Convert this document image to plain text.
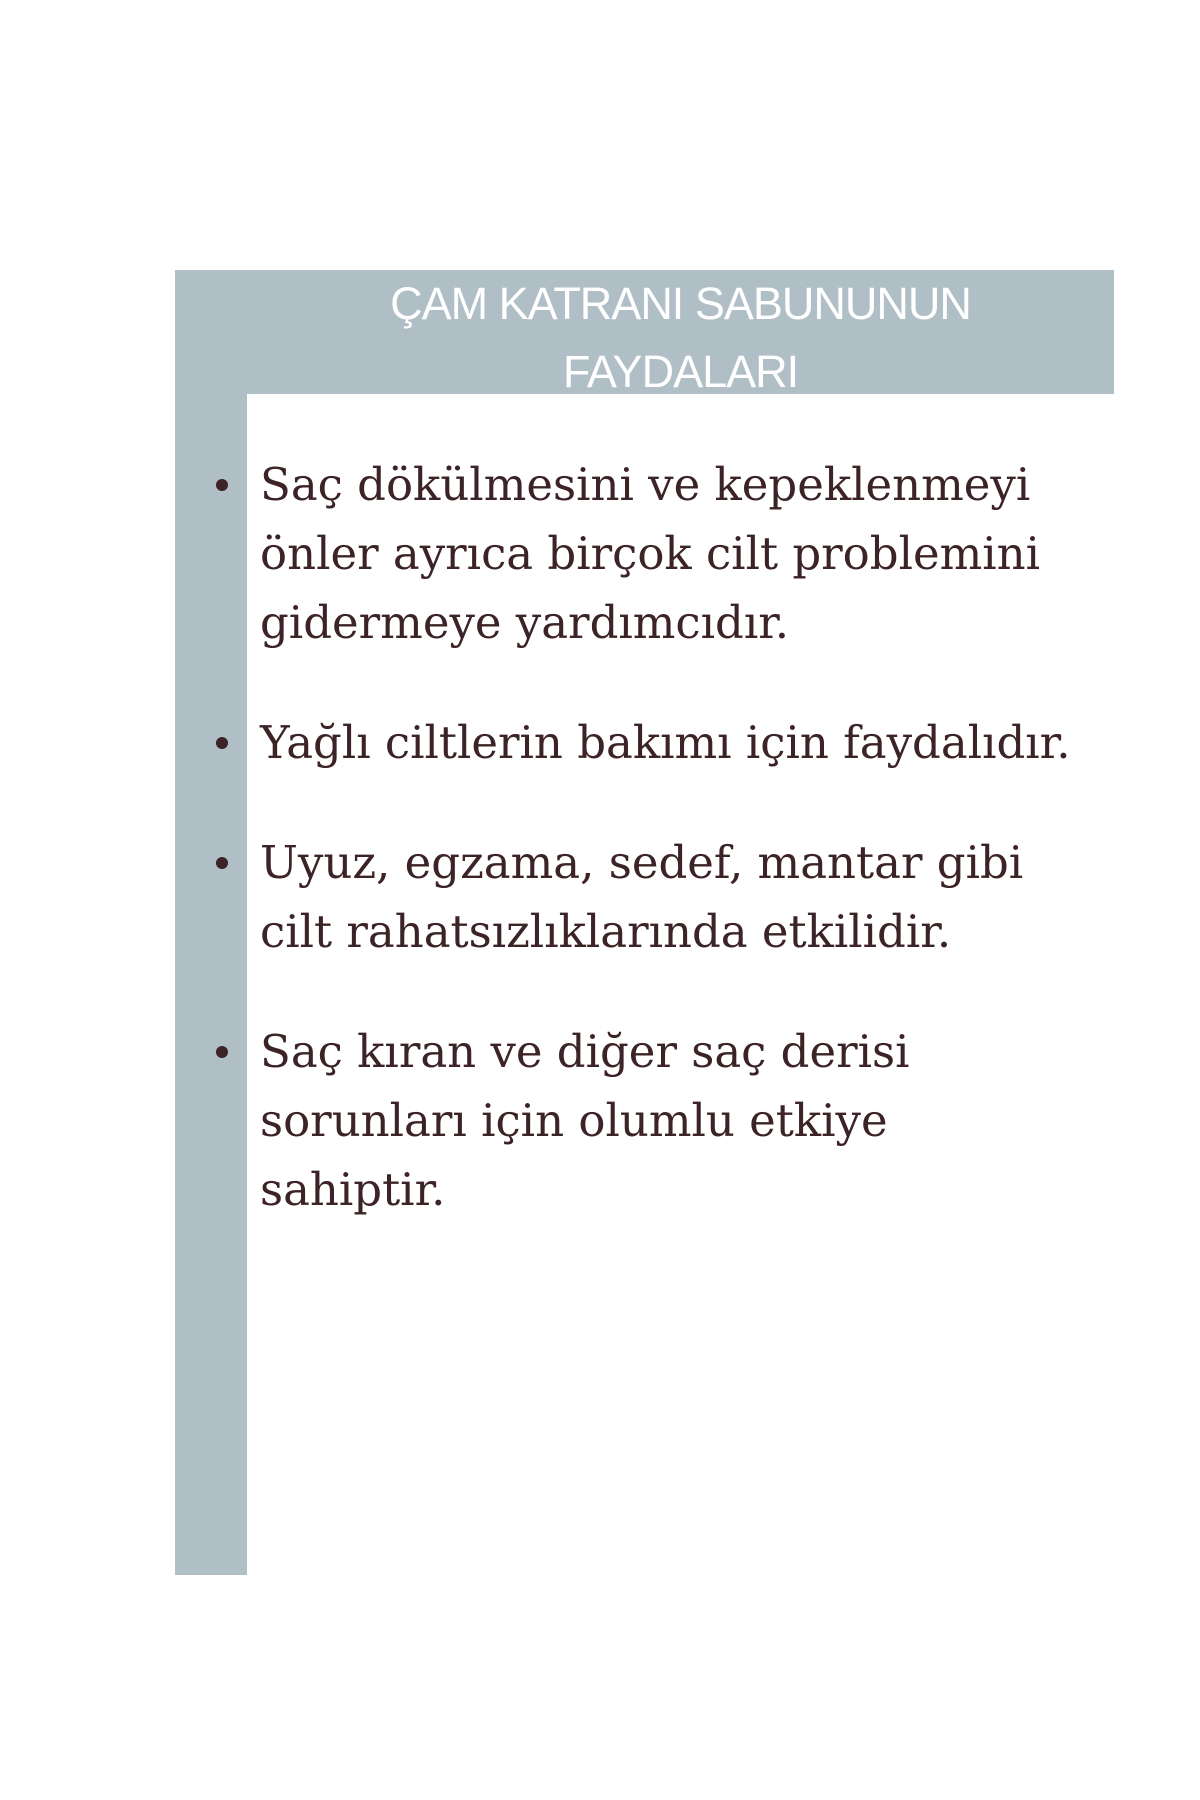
ÇAM KATRANI SABUNUNUN FAYDALARI
Saç dökülmesini ve kepeklenmeyi önler ayrıca birçok cilt problemini gidermeye yardımcıdır.
Yağlı ciltlerin bakımı için faydalıdır.
Uyuz, egzama, sedef, mantar gibi cilt rahatsızlıklarında etkilidir.
Saç kıran ve diğer saç derisi sorunları için olumlu etkiye sahiptir.
